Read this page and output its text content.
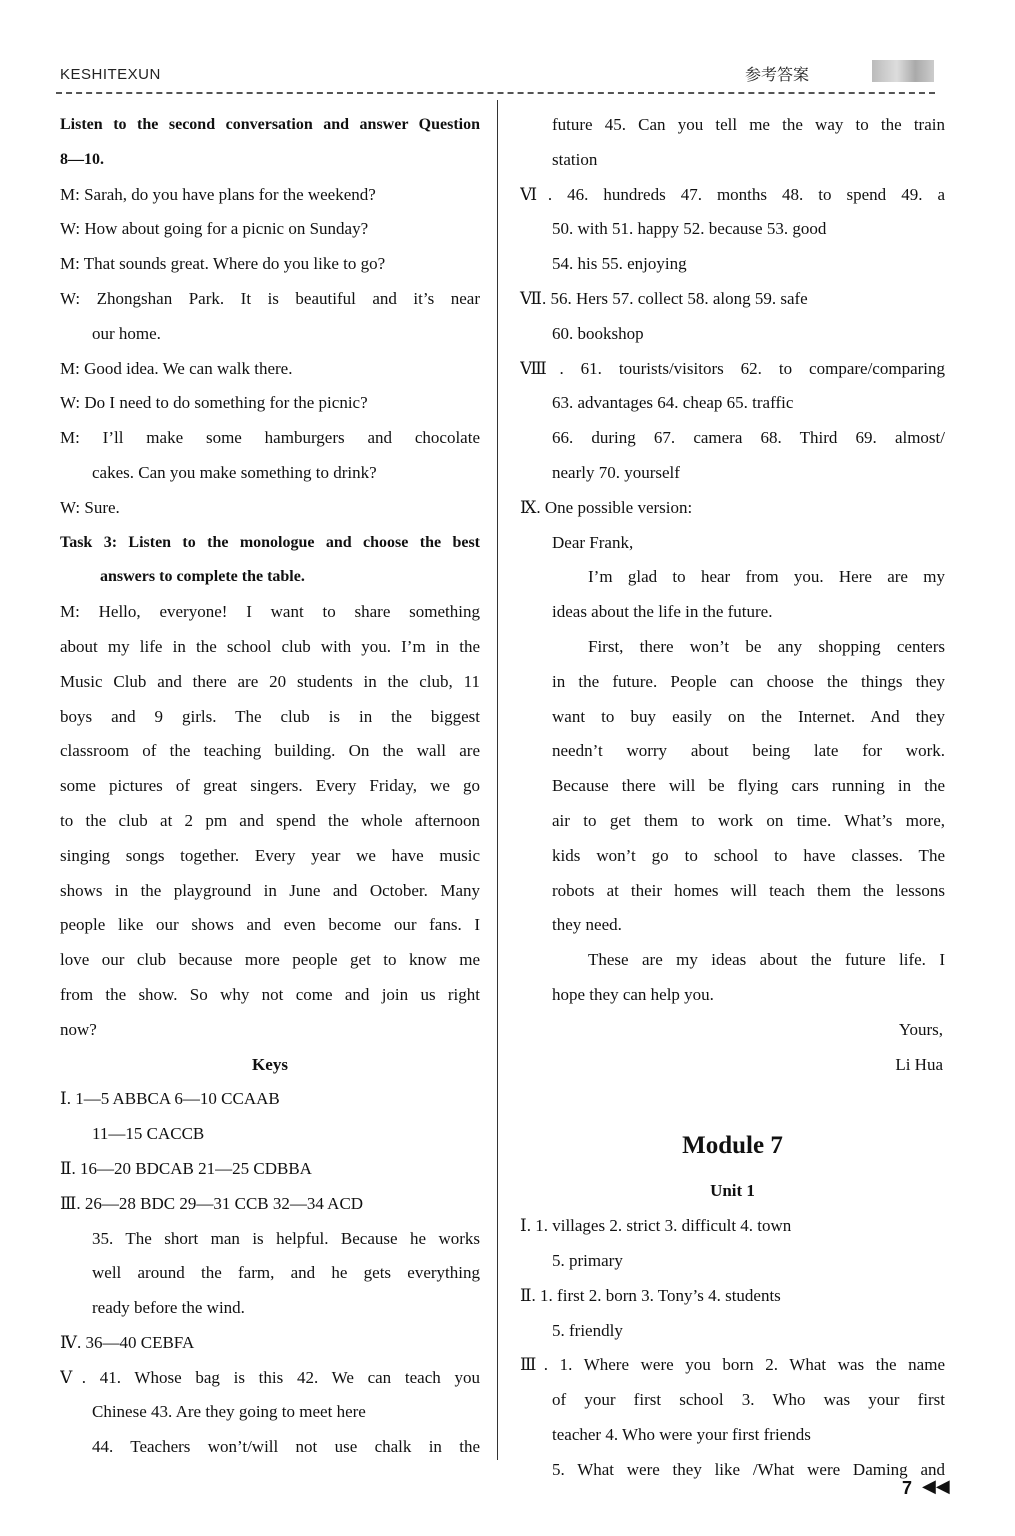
KESHITEXUN	参考答案
Listen to the second conversation and answer Question
8—10.
M: Sarah, do you have plans for the weekend?
W: How about going for a picnic on Sunday?
M: That sounds great. Where do you like to go?
W: Zhongshan Park. It is beautiful and it’s near
our home.
M: Good idea. We can walk there.
W: Do I need to do something for the picnic?
M: I’ll make some hamburgers and chocolate
cakes. Can you make something to drink?
W: Sure.
Task 3: Listen to the monologue and choose the best
answers to complete the table.
M: Hello, everyone! I want to share something
about my life in the school club with you. I’m in the
Music Club and there are 20 students in the club, 11
boys and 9 girls. The club is in the biggest
classroom of the teaching building. On the wall are
some pictures of great singers. Every Friday, we go
to the club at 2 pm and spend the whole afternoon
singing songs together. Every year we have music
shows in the playground in June and October. Many
people like our shows and even become our fans. I
love our club because more people get to know me
from the show. So why not come and join us right
now?
Keys
Ⅰ. 1—5 ABBCA 6—10 CCAAB
11—15 CACCB
Ⅱ. 16—20 BDCAB 21—25 CDBBA
Ⅲ. 26—28 BDC 29—31 CCB 32—34 ACD
35. The short man is helpful. Because he works
well around the farm, and he gets everything
ready before the wind.
Ⅳ. 36—40 CEBFA
Ⅴ. 41. Whose bag is this 42. We can teach you
Chinese 43. Are they going to meet here
44. Teachers won’t/will not use chalk in the
future 45. Can you tell me the way to the train
station
Ⅵ. 46. hundreds 47. months 48. to spend 49. a
50. with 51. happy 52. because 53. good
54. his 55. enjoying
Ⅶ. 56. Hers 57. collect 58. along 59. safe
60. bookshop
Ⅷ. 61. tourists/visitors 62. to compare/comparing
63. advantages 64. cheap 65. traffic
66. during 67. camera 68. Third 69. almost/
nearly 70. yourself
Ⅸ. One possible version:
Dear Frank,
I’m glad to hear from you. Here are my
ideas about the life in the future.
First, there won’t be any shopping centers
in the future. People can choose the things they
want to buy easily on the Internet. And they
needn’t worry about being late for work.
Because there will be flying cars running in the
air to get them to work on time. What’s more,
kids won’t go to school to have classes. The
robots at their homes will teach them the lessons
they need.
These are my ideas about the future life. I
hope they can help you.
Yours,
Li Hua
Module 7
Unit 1
Ⅰ. 1. villages 2. strict 3. difficult 4. town
5. primary
Ⅱ. 1. first 2. born 3. Tony’s 4. students
5. friendly
Ⅲ. 1. Where were you born 2. What was the name
of your first school 3. Who was your first
teacher 4. Who were your first friends
5. What were they like /What were Daming and
7 ◀◀
